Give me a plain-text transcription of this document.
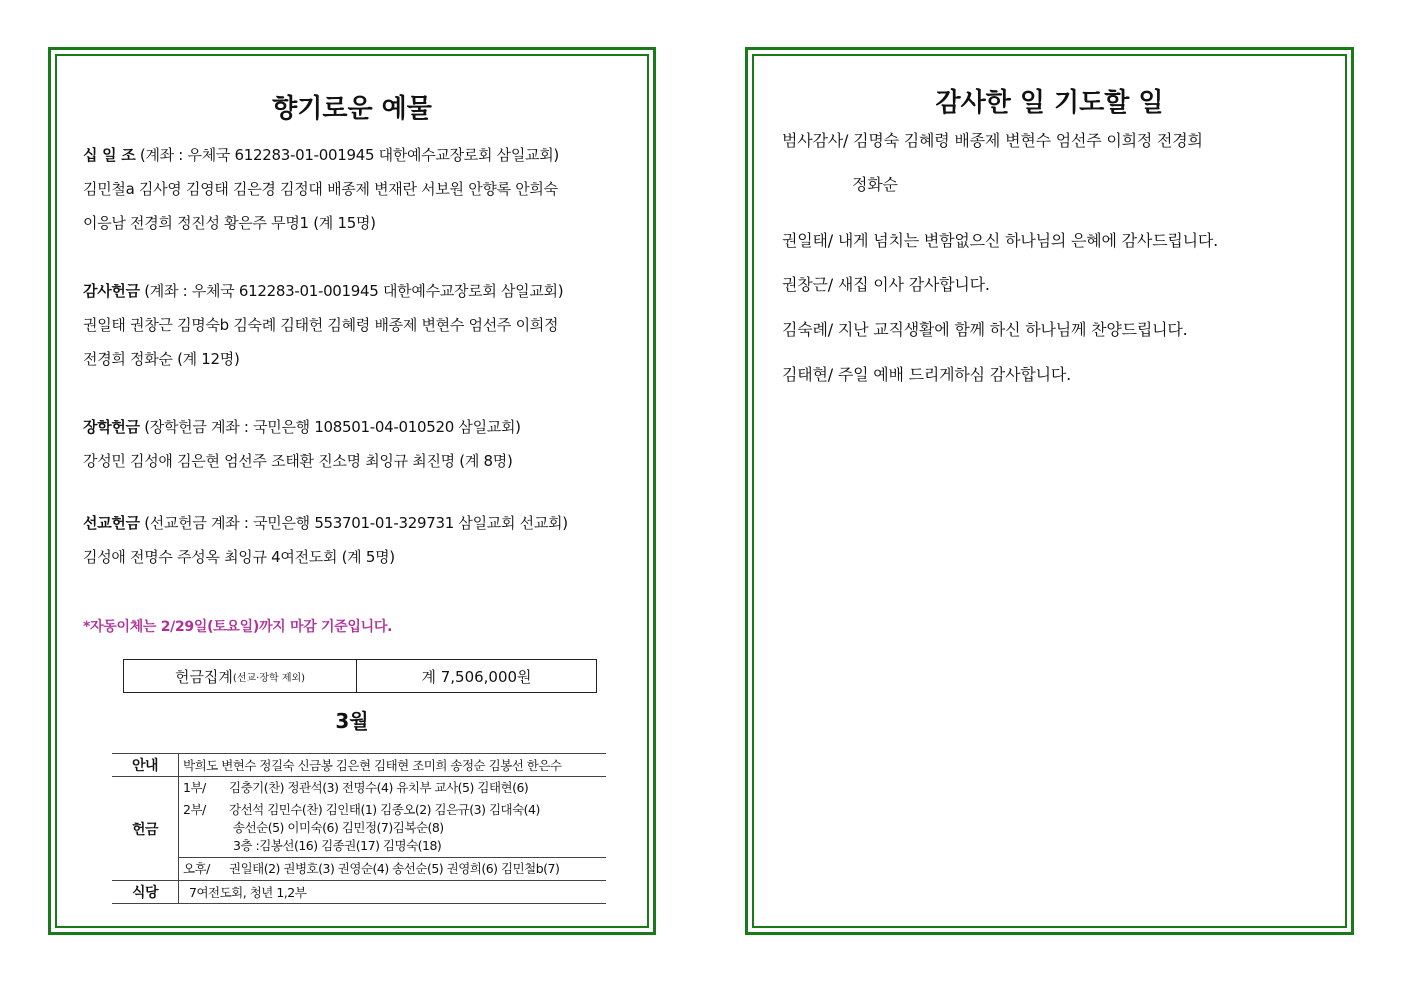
향기로운 예물
십 일 조 (계좌 : 우체국 612283-01-001945 대한예수교장로회 삼일교회)
김민철a 김사영 김영태 김은경 김정대 배종제 변재란 서보원 안향록 안희숙
이응남 전경희 정진성 황은주 무명1 (계 15명)
감사헌금 (계좌 : 우체국 612283-01-001945 대한예수교장로회 삼일교회)
권일태 권창근 김명숙b 김숙례 김태헌 김혜령 배종제 변현수 엄선주 이희정
전경희 정화순 (계 12명)
장학헌금 (장학헌금 계좌 : 국민은행 108501-04-010520 삼일교회)
강성민 김성애 김은현 엄선주 조태환 진소명 최잉규 최진명 (계 8명)
선교헌금 (선교헌금 계좌 : 국민은행 553701-01-329731 삼일교회 선교회)
김성애 전명수 주성옥 최잉규 4여전도회 (계 5명)
*자동이체는 2/29일(토요일)까지 마감 기준입니다.
헌금집계 (선교·장학 제외)	계 7,506,000원
3월
안내	박희도 변현수 정길숙 신금봉 김은현 김태현 조미희 송정순 김봉선 한은수
헌금	1부/ 김충기(찬) 정관석(3) 전명수(4) 유치부 교사(5) 김태현(6)
2부/ 강선석 김민수(찬) 김인태(1) 김종오(2) 김은규(3) 김대숙(4)
송선순(5) 이미숙(6) 김민정(7)김복순(8)
3층 :김봉선(16) 김종권(17) 김명숙(18)
오후/ 권일태(2) 권병호(3) 권영순(4) 송선순(5) 권영희(6) 김민철b(7)

식당	7여전도회, 청년 1,2부
감사한 일 기도할 일
범사감사/ 김명숙 김혜령 배종제 변현수 엄선주 이희정 전경희
정화순
권일태/ 내게 넘치는 변함없으신 하나님의 은혜에 감사드립니다.
권창근/ 새집 이사 감사합니다.
김숙례/ 지난 교직생활에 함께 하신 하나님께 찬양드립니다.
김태현/ 주일 예배 드리게하심 감사합니다.
